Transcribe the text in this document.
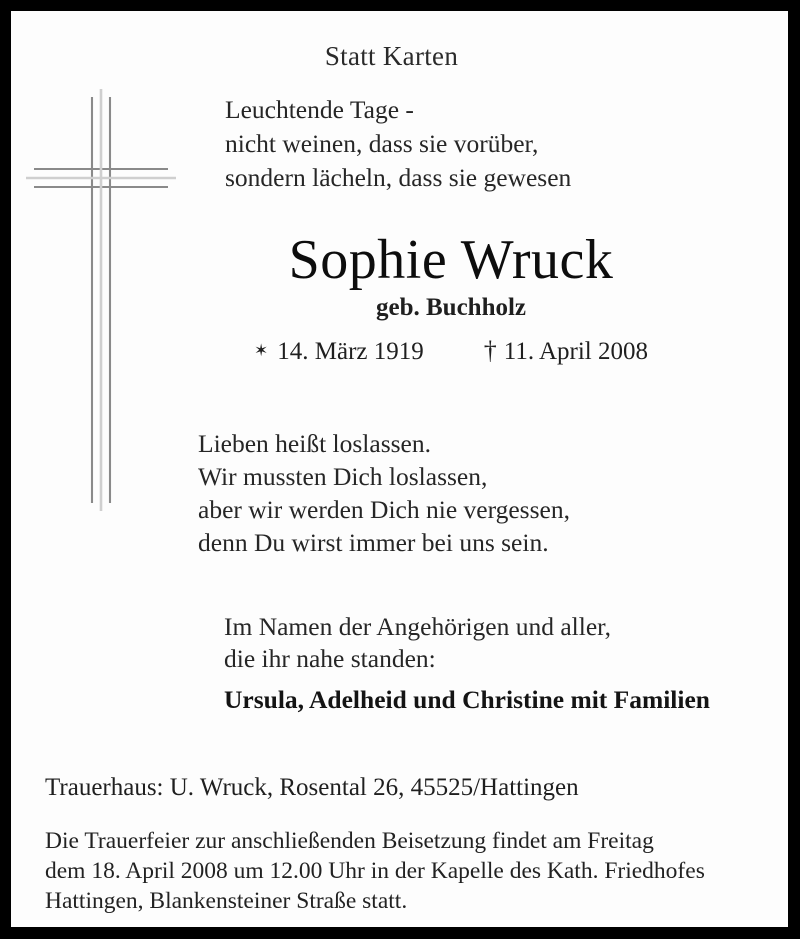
Statt Karten
Leuchtende Tage -
nicht weinen, dass sie vorüber,
sondern lächeln, dass sie gewesen
Sophie Wruck
geb. Buchholz
✶ 14. März 1919 † 11. April 2008
Lieben heißt loslassen.
Wir mussten Dich loslassen,
aber wir werden Dich nie vergessen,
denn Du wirst immer bei uns sein.
Im Namen der Angehörigen und aller,
die ihr nahe standen:
Ursula, Adelheid und Christine mit Familien
Trauerhaus: U. Wruck, Rosental 26, 45525/Hattingen
Die Trauerfeier zur anschließenden Beisetzung findet am Freitag
dem 18. April 2008 um 12.00 Uhr in der Kapelle des Kath. Friedhofes
Hattingen, Blankensteiner Straße statt.
